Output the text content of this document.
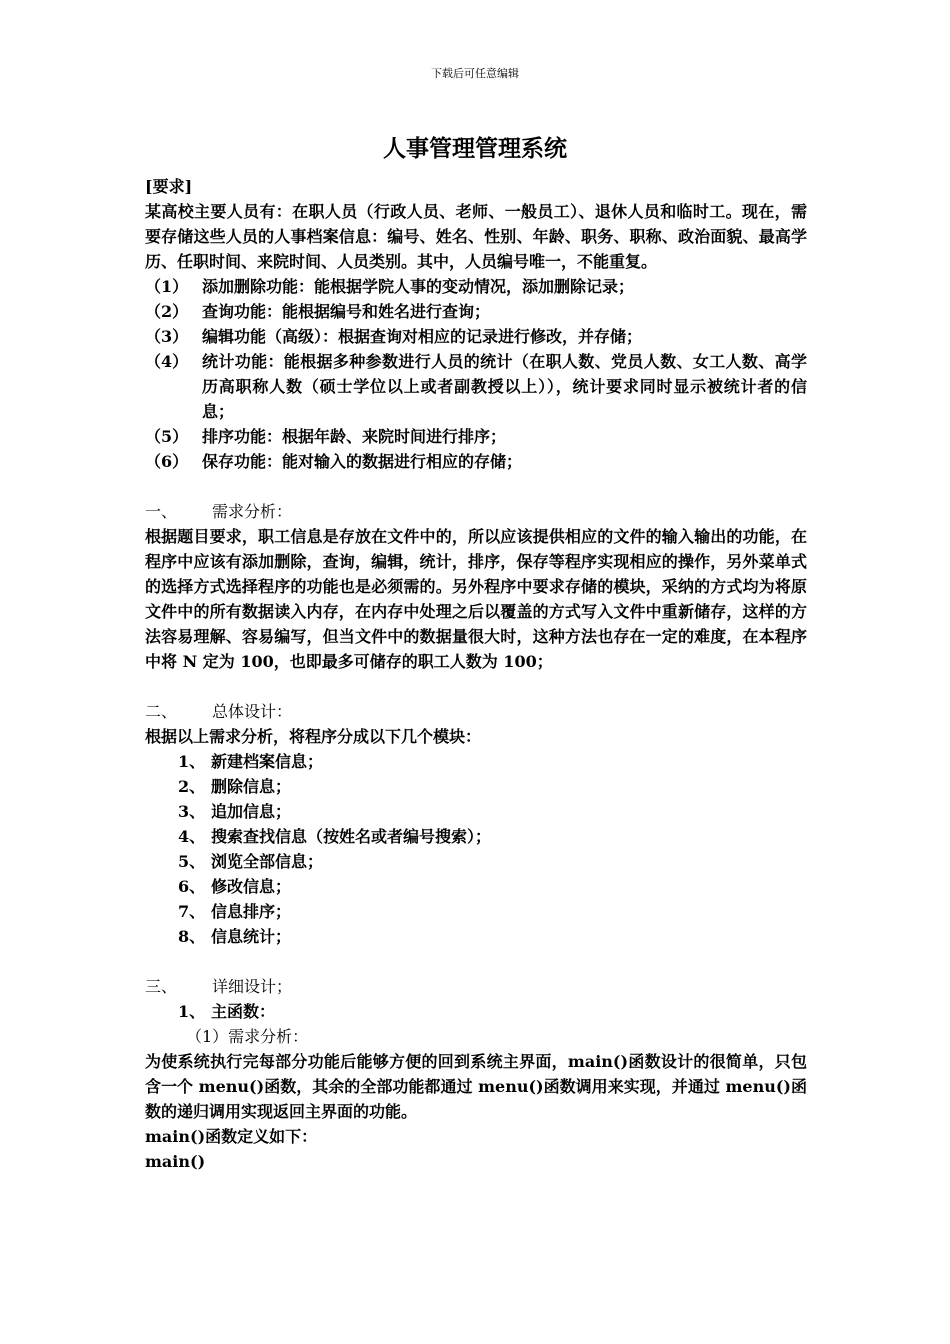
下载后可任意编辑
人事管理管理系统

[要求]

某高校主要人员有：在职人员（行政人员、老师、一般员工）、退休人员和临时工。现在，需要存储这些人员的人事档案信息：编号、姓名、性别、年龄、职务、职称、政治面貌、最高学历、任职时间、来院时间、人员类别。其中，人员编号唯一，不能重复。

（1） 添加删除功能：能根据学院人事的变动情况，添加删除记录；
（2） 查询功能：能根据编号和姓名进行查询；
（3） 编辑功能（高级）：根据查询对相应的记录进行修改，并存储；
（4） 统计功能：能根据多种参数进行人员的统计（在职人数、党员人数、女工人数、高学历高职称人数（硕士学位以上或者副教授以上）），统计要求同时显示被统计者的信息；
（5） 排序功能：根据年龄、来院时间进行排序；
（6） 保存功能：能对输入的数据进行相应的存储；

一、 需求分析：

根据题目要求，职工信息是存放在文件中的，所以应该提供相应的文件的输入输出的功能，在程序中应该有添加删除，查询，编辑，统计，排序，保存等程序实现相应的操作，另外菜单式的选择方式选择程序的功能也是必须需的。另外程序中要求存储的模块，采纳的方式均为将原文件中的所有数据读入内存，在内存中处理之后以覆盖的方式写入文件中重新储存，这样的方法容易理解、容易编写，但当文件中的数据量很大时，这种方法也存在一定的难度，在本程序中将 N 定为 100，也即最多可储存的职工人数为 100；

二、 总体设计：

根据以上需求分析，将程序分成以下几个模块：

1、 新建档案信息；

2、 删除信息；

3、 追加信息；

4、 搜索查找信息（按姓名或者编号搜索）；

5、 浏览全部信息；

6、 修改信息；

7、 信息排序；

8、 信息统计；

三、 详细设计；

1、 主函数：

（1）需求分析：

为使系统执行完每部分功能后能够方便的回到系统主界面，main()函数设计的很简单，只包含一个 menu()函数，其余的全部功能都通过 menu()函数调用来实现，并通过 menu()函数的递归调用实现返回主界面的功能。

main()函数定义如下：

main()
